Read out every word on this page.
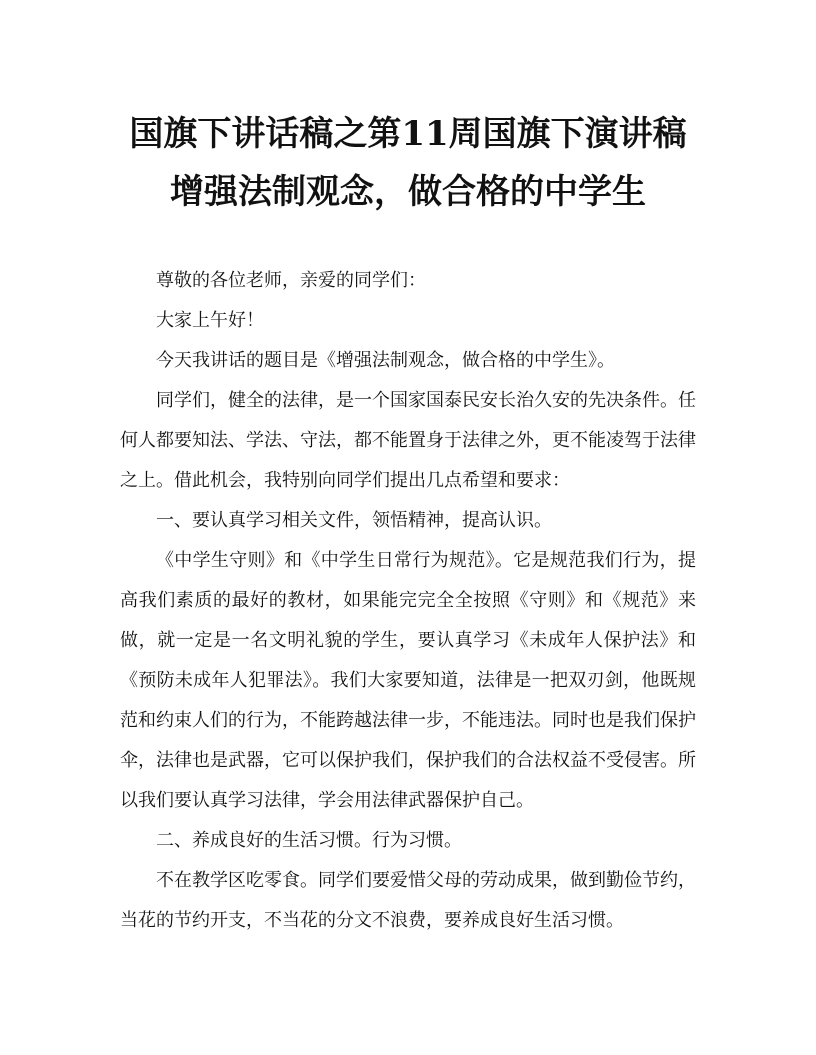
国旗下讲话稿之第11周国旗下演讲稿
增强法制观念，做合格的中学生

尊敬的各位老师，亲爱的同学们：

大家上午好！

今天我讲话的题目是《增强法制观念，做合格的中学生》。

同学们，健全的法律，是一个国家国泰民安长治久安的先决条件。任何人都要知法、学法、守法，都不能置身于法律之外，更不能凌驾于法律之上。借此机会，我特别向同学们提出几点希望和要求：

一、要认真学习相关文件，领悟精神，提高认识。

《中学生守则》和《中学生日常行为规范》。它是规范我们行为，提高我们素质的最好的教材，如果能完完全全按照《守则》和《规范》来做，就一定是一名文明礼貌的学生，要认真学习《未成年人保护法》和《预防未成年人犯罪法》。我们大家要知道，法律是一把双刃剑，他既规范和约束人们的行为，不能跨越法律一步，不能违法。同时也是我们保护伞，法律也是武器，它可以保护我们，保护我们的合法权益不受侵害。所以我们要认真学习法律，学会用法律武器保护自己。

二、养成良好的生活习惯。行为习惯。

不在教学区吃零食。同学们要爱惜父母的劳动成果，做到勤俭节约，当花的节约开支，不当花的分文不浪费，要养成良好生活习惯。
